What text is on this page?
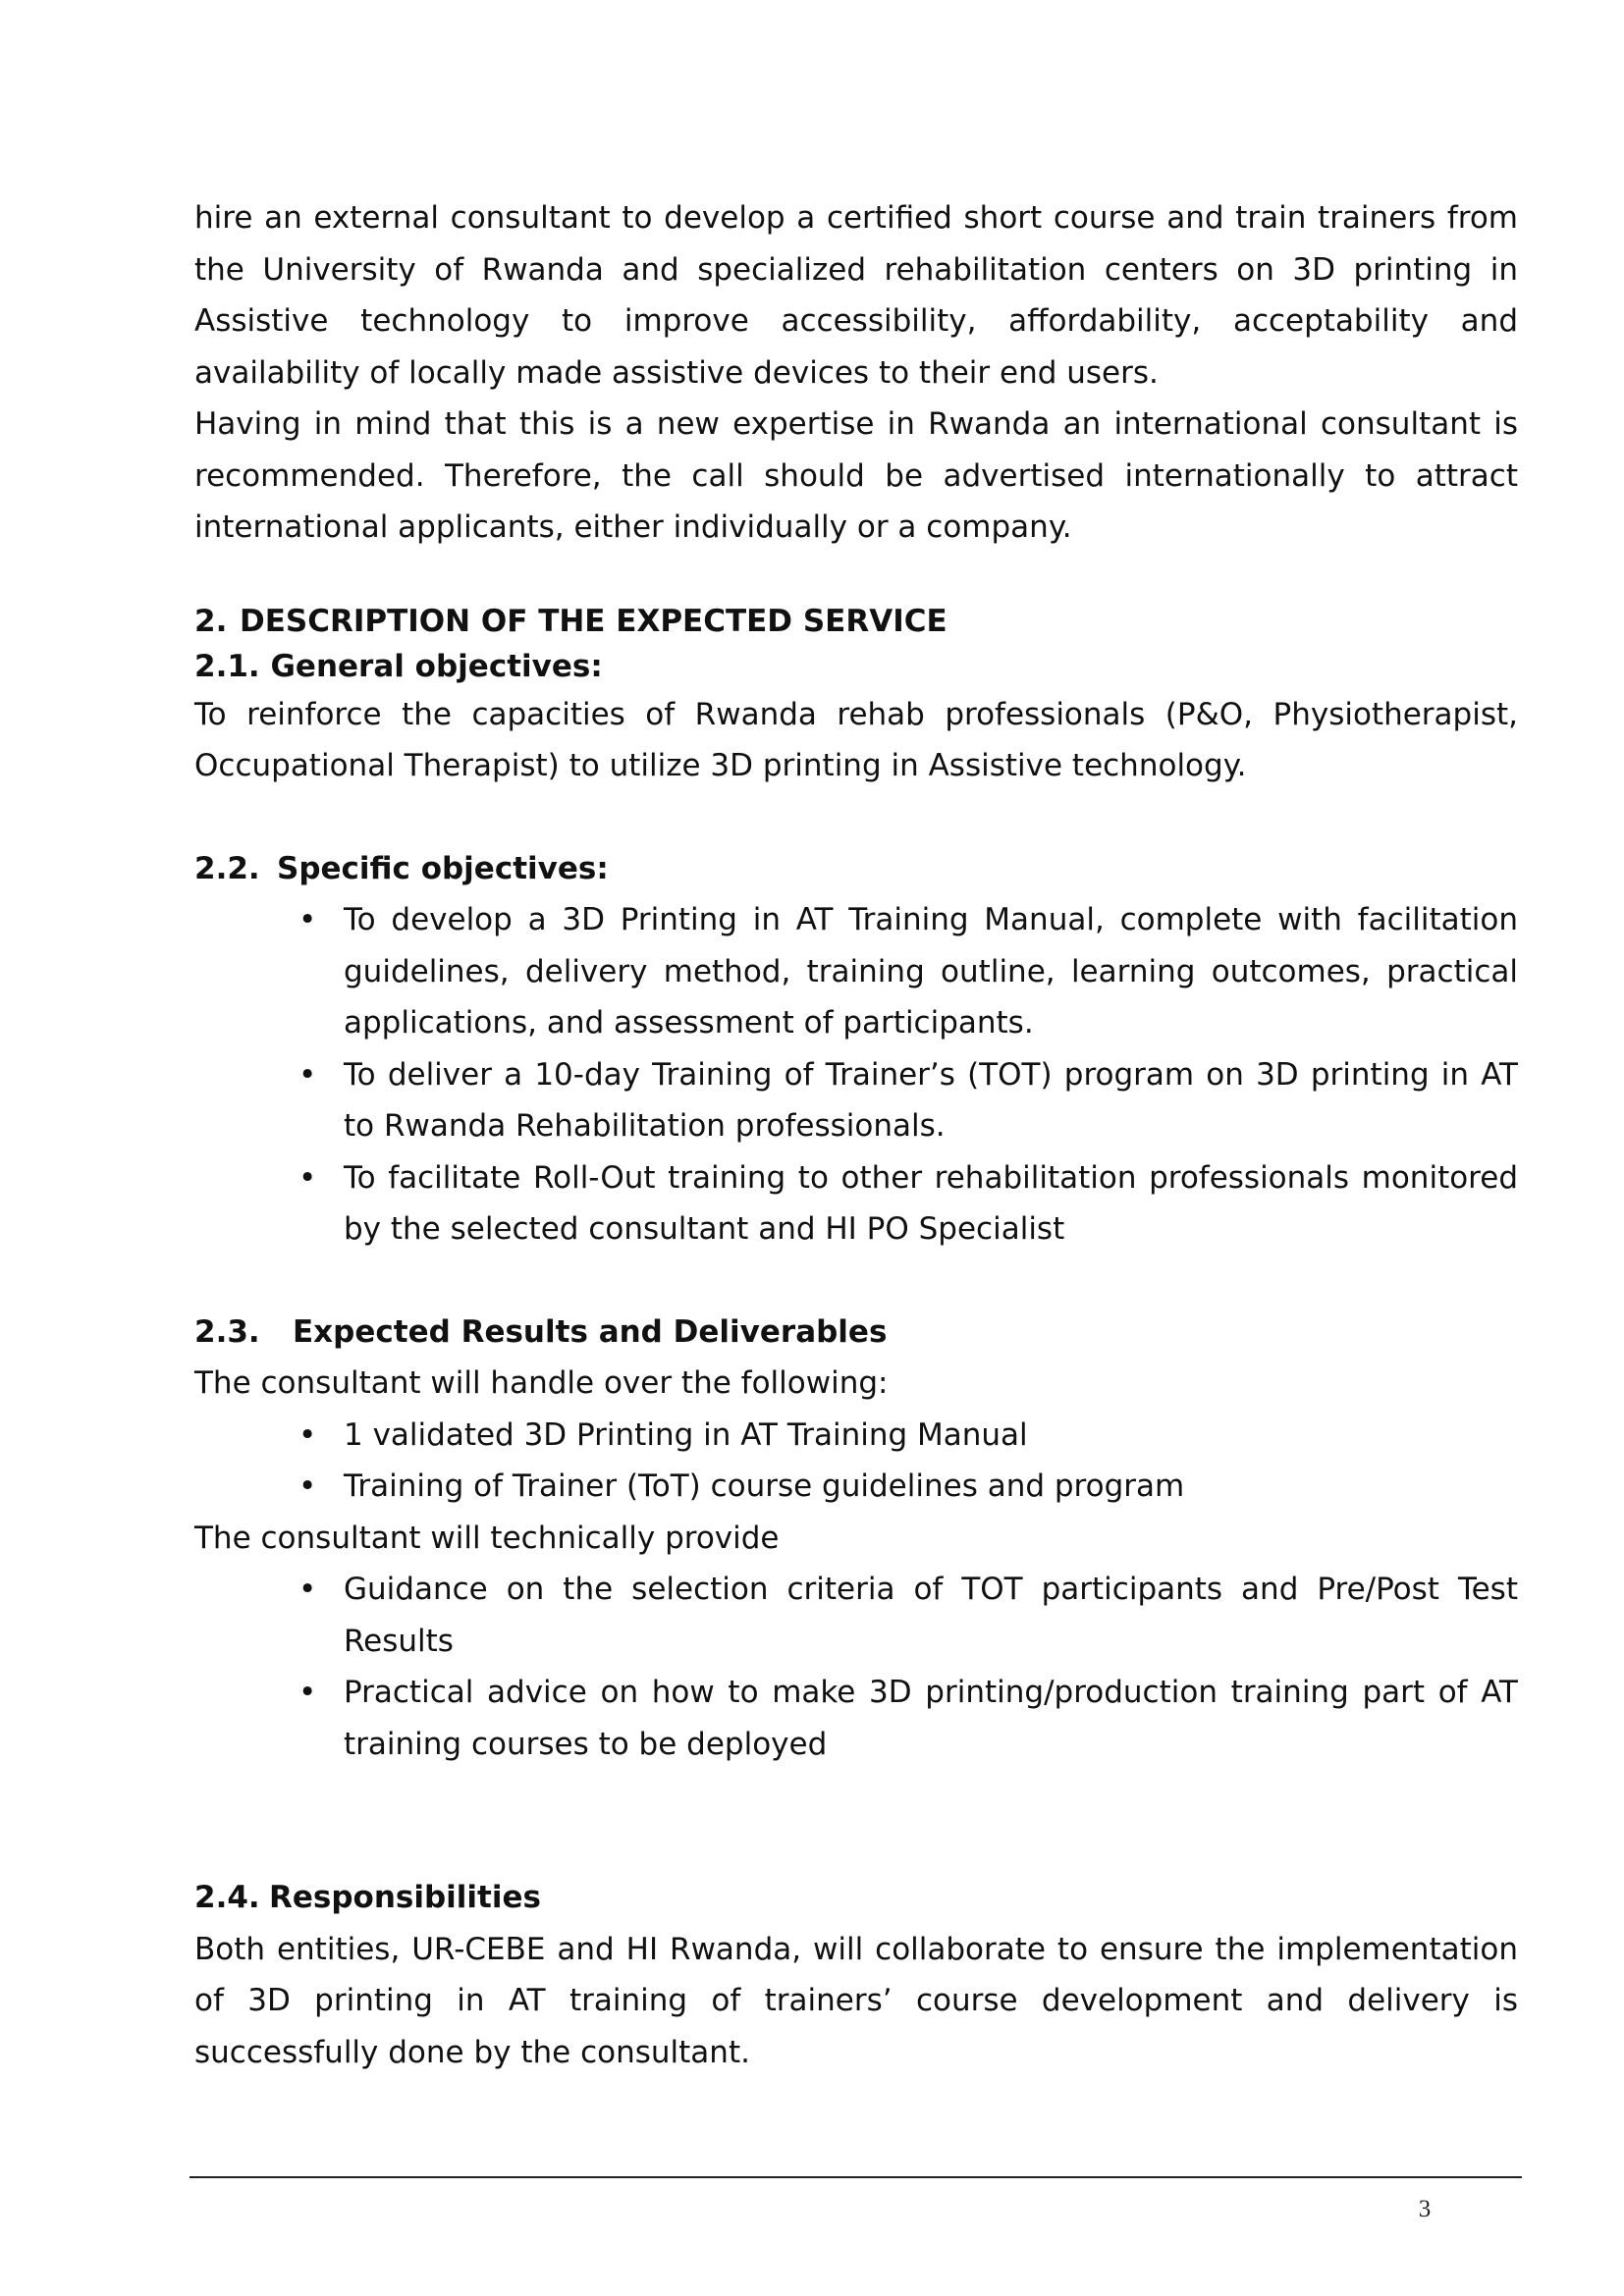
hire an external consultant to develop a certified short course and train trainers from the University of Rwanda and specialized rehabilitation centers on 3D printing in Assistive technology to improve accessibility, affordability, acceptability and availability of locally made assistive devices to their end users.

Having in mind that this is a new expertise in Rwanda an international consultant is recommended. Therefore, the call should be advertised internationally to attract international applicants, either individually or a company.

2. DESCRIPTION OF THE EXPECTED SERVICE
2.1. General objectives:

To reinforce the capacities of Rwanda rehab professionals (P&O, Physiotherapist, Occupational Therapist) to utilize 3D printing in Assistive technology.

2.2. Specific objectives:
• To develop a 3D Printing in AT Training Manual, complete with facilitation guidelines, delivery method, training outline, learning outcomes, practical applications, and assessment of participants.
• To deliver a 10-day Training of Trainer’s (TOT) program on 3D printing in AT to Rwanda Rehabilitation professionals.
• To facilitate Roll-Out training to other rehabilitation professionals monitored by the selected consultant and HI PO Specialist
2.3. Expected Results and Deliverables

The consultant will handle over the following:

• 1 validated 3D Printing in AT Training Manual
• Training of Trainer (ToT) course guidelines and program

The consultant will technically provide

• Guidance on the selection criteria of TOT participants and Pre/Post Test Results
• Practical advice on how to make 3D printing/production training part of AT training courses to be deployed
2.4. Responsibilities

Both entities, UR-CEBE and HI Rwanda, will collaborate to ensure the implementation of 3D printing in AT training of trainers’ course development and delivery is successfully done by the consultant.

3
